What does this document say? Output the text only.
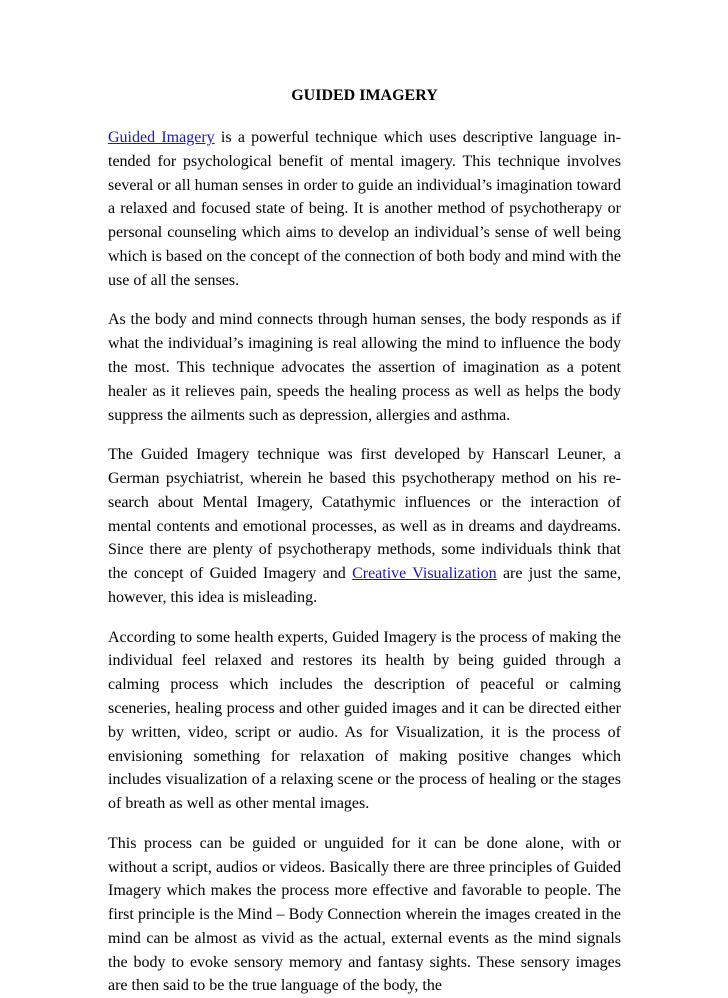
GUIDED IMAGERY

Guided Imagery is a powerful technique which uses descriptive language intended for psychological benefit of mental imagery. This technique involves several or all human senses in order to guide an individual’s imagination toward a relaxed and focused state of being. It is another method of psychotherapy or personal counseling which aims to develop an individual’s sense of well being which is based on the concept of the connection of both body and mind with the use of all the senses.

As the body and mind connects through human senses, the body responds as if what the individual’s imagining is real allowing the mind to influence the body the most. This technique advocates the assertion of imagination as a potent healer as it relieves pain, speeds the healing process as well as helps the body suppress the ailments such as depression, allergies and asthma.

The Guided Imagery technique was first developed by Hanscarl Leuner, a German psychiatrist, wherein he based this psychotherapy method on his research about Mental Imagery, Catathymic influences or the interaction of mental contents and emotional processes, as well as in dreams and daydreams. Since there are plenty of psychotherapy methods, some individuals think that the concept of Guided Imagery and Creative Visualization are just the same, however, this idea is misleading.

According to some health experts, Guided Imagery is the process of making the individual feel relaxed and restores its health by being guided through a calming process which includes the description of peaceful or calming sceneries, healing process and other guided images and it can be directed either by written, video, script or audio. As for Visualization, it is the process of envisioning something for relaxation of making positive changes which includes visualization of a relaxing scene or the process of healing or the stages of breath as well as other mental images.

This process can be guided or unguided for it can be done alone, with or without a script, audios or videos. Basically there are three principles of Guided Imagery which makes the process more effective and favorable to people. The first principle is the Mind – Body Connection wherein the images created in the mind can be almost as vivid as the actual, external events as the mind signals the body to evoke sensory memory and fantasy sights. These sensory images are then said to be the true language of the body, the
